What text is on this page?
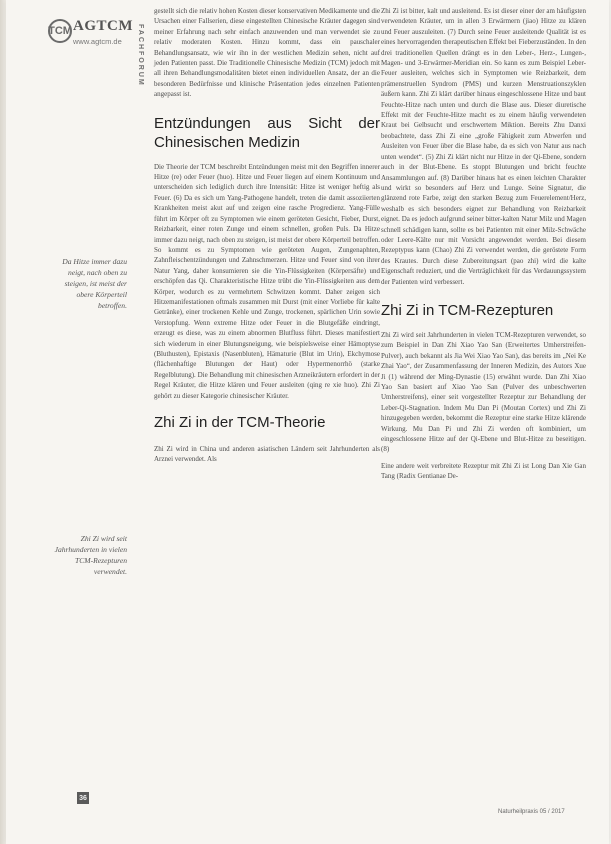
TCM AGTCM
www.agtcm.de	FACHFORUM
Da Hitze immer dazu neigt, nach oben zu steigen, ist meist der obere Körperteil betroffen.
Zhi Zi wird seit Jahrhunderten in vielen TCM-Rezepturen verwendet.

gestellt sich die relativ hohen Kosten dieser konservativen Medikamente und die Ursachen einer Fallserien, diese eingestellten Chinesische Kräuter dagegen sind meiner Erfahrung nach sehr einfach anzuwenden und man verwendet sie zu relativ moderaten Kosten. Hinzu kommt, dass ein pauschaler Behandlungsansatz, wie wir ihn in der westlichen Medizin sehen, nicht auf jeden Patienten passt. Die Traditionelle Chinesische Medizin (TCM) jedoch mit all ihren Behandlungsmodalitäten bietet einen individuellen Ansatz, der an die besonderen Bedürfnisse und klinische Präsentation jedes einzelnen Patienten angepasst ist.

Entzündungen aus Sicht der Chinesischen Medizin

Die Theorie der TCM beschreibt Entzündungen meist mit den Begriffen innerer Hitze (re) oder Feuer (huo). Hitze und Feuer liegen auf einem Kontinuum und unterscheiden sich lediglich durch ihre Intensität: Hitze ist weniger heftig als Feuer. (6) Da es sich um Yang-Pathogene handelt, treten die damit assoziierten Krankheiten meist akut auf und zeigen eine rasche Progredienz. Yang-Fülle führt im Körper oft zu Symptomen wie einem geröteten Gesicht, Fieber, Durst, Reizbarkeit, einer roten Zunge und einem schnellen, großen Puls. Da Hitze immer dazu neigt, nach oben zu steigen, ist meist der obere Körperteil betroffen. So kommt es zu Symptomen wie geröteten Augen, Zungenaphten, Zahnfleischentzündungen und Zahnschmerzen. Hitze und Feuer sind von ihrer Natur Yang, daher konsumieren sie die Yin-Flüssigkeiten (Körpersäfte) und erschöpfen das Qi. Charakteristische Hitze trübt die Yin-Flüssigkeiten aus dem Körper, wodurch es zu vermehrtem Schwitzen kommt. Daher zeigen sich Hitzemanifestationen oftmals zusammen mit Durst (mit einer Vorliebe für kalte Getränke), einer trockenen Kehle und Zunge, trockenen, spärlichen Urin sowie Verstopfung. Wenn extreme Hitze oder Feuer in die Blutgefäße eindringt, erzeugt es diese, was zu einem abnormen Blutfluss führt. Dieses manifestiert sich wiederum in einer Blutungsneigung, wie beispielsweise einer Hämoptyse (Bluthusten), Epistaxis (Nasenbluten), Hämaturie (Blut im Urin), Ekchymose (flächenhaftige Blutungen der Haut) oder Hypermenorrhö (starke Regelblutung). Die Behandlung mit chinesischen Arzneikräutern erfordert in der Regel Kräuter, die Hitze klären und Feuer ausleiten (qing re xie huo). Zhi Zi gehört zu dieser Kategorie chinesischer Kräuter.

Zhi Zi in der TCM-Theorie

Zhi Zi wird in China und anderen asiatischen Ländern seit Jahrhunderten als Arznei verwendet. Als

Zhi Zi ist bitter, kalt und ausleitend. Es ist dieser einer der am häufigsten verwendeten Kräuter, um in allen 3 Erwärmern (jiao) Hitze zu klären und Feuer auszuleiten. (7) Durch seine Feuer ausleitende Qualität ist es eines hervorragenden therapeutischen Effekt bei Fieberzuständen. In den drei traditionellen Quellen drängt es in den Leber-, Herz-, Lungen-, Magen- und 3-Erwärmer-Meridian ein. So kann es zum Beispiel Leber-Feuer ausleiten, welches sich in Symptomen wie Reizbarkeit, dem prämenstruellen Syndrom (PMS) und kurzen Menstruationszyklen äußern kann. Zhi Zi klärt darüber hinaus eingeschlossene Hitze und baut Feuchte-Hitze nach unten und durch die Blase aus. Dieser diuretische Effekt mit der Feuchte-Hitze macht es zu einem häufig verwendeten Kraut bei Gelbsucht und erschwertem Miktion. Bereits Zhu Danxi beobachtete, dass Zhi Zi eine „große Fähigkeit zum Abwerfen und Ausleiten von Feuer über die Blase habe, da es sich von Natur aus nach unten wendet“. (5) Zhi Zi klärt nicht nur Hitze in der Qi-Ebene, sondern auch in der Blut-Ebene. Es stoppt Blutungen und bricht feuchte Ansammlungen auf. (8) Darüber hinaus hat es einen leichten Charakter und wirkt so besonders auf Herz und Lunge. Seine Signatur, die glänzend rote Farbe, zeigt den starken Bezug zum Feuerelement/Herz, weshalb es sich besonders eignet zur Behandlung von Reizbarkeit eignet. Da es jedoch aufgrund seiner bitter-kalten Natur Milz und Magen schnell schädigen kann, sollte es bei Patienten mit einer Milz-Schwäche oder Leere-Kälte nur mit Vorsicht angewendet werden. Bei diesem Rezeptypus kann (Chao) Zhi Zi verwendet werden, die geröstete Form des Krautes. Durch diese Zubereitungsart (pao zhi) wird die kalte Eigenschaft reduziert, und die Verträglichkeit für das Verdauungssystem der Patienten wird verbessert.

Zhi Zi in TCM-Rezepturen

Zhi Zi wird seit Jahrhunderten in vielen TCM-Rezepturen verwendet, so zum Beispiel in Dan Zhi Xiao Yao San (Erweitertes Umherstreifen-Pulver), auch bekannt als Jia Wei Xiao Yao San), das bereits im „Nei Ke Zhai Yao“, der Zusammenfassung der Inneren Medizin, des Autors Xue Ji (1) während der Ming-Dynastie (15) erwähnt wurde. Dan Zhi Xiao Yao San basiert auf Xiao Yao San (Pulver des unbeschwerten Umherstreifens), einer seit vorgestellter Rezeptur zur Behandlung der Leber-Qi-Stagnation. Indem Mu Dan Pi (Moutan Cortex) und Zhi Zi hinzugegeben werden, bekommt die Rezeptur eine starke Hitze klärende Wirkung. Mu Dan Pi und Zhi Zi werden oft kombiniert, um eingeschlossene Hitze auf der Qi-Ebene und Blut-Hitze zu beseitigen. (8)

Eine andere weit verbreitete Rezeptur mit Zhi Zi ist Long Dan Xie Gan Tang (Radix Gentianae De-

36
Naturheilpraxis 05 / 2017
